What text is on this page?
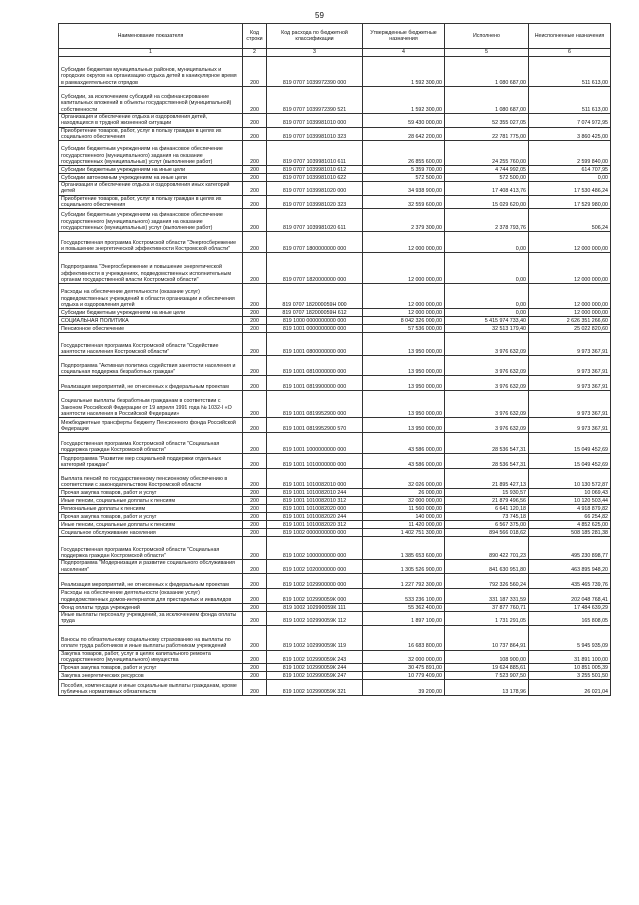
59
Наименование показателя	Код строки	Код расхода по бюджетной классификации	Утвержденные бюджетные назначения	Исполнено	Неисполненные назначения
1	2	3	4	5	6
Субсидии бюджетам муниципальных районов, муниципальных и городских округов на организацию отдыха детей в каникулярное время в рамкахдеятельности отрядов	200	819 0707 1039972390 000	1 592 300,00	1 080 687,00	511 613,00
Субсидии, за исключением субсидий на софинансирование капитальных вложений в объекты государственной (муниципальной) собственности	200	819 0707 1039972390 521	1 592 300,00	1 080 687,00	511 613,00
Организация и обеспечение отдыха и оздоровления детей, находящихся в трудной жизненной ситуации	200	819 0707 1039981010 000	59 430 000,00	52 355 027,05	7 074 972,95
Приобретение товаров, работ, услуг в пользу граждан в целях их социального обеспечения	200	819 0707 1039981010 323	28 642 200,00	22 781 775,00	3 860 425,00
Субсидии бюджетным учреждениям на финансовое обеспечение государственного (муниципального) задания на оказание государственных (муниципальных) услуг (выполнение работ)	200	819 0707 1039981010 611	26 855 600,00	24 255 760,00	2 599 840,00
Субсидии бюджетным учреждениям на иные цели	200	819 0707 1039981010 612	5 359 700,00	4 744 992,05	614 707,95
Субсидии автономным учреждениям на иные цели	200	819 0707 1039981010 622	572 500,00	572 500,00	0,00
Организация и обеспечение отдыха и оздоровления иных категорий детей	200	819 0707 1039981020 000	34 938 900,00	17 408 413,76	17 530 486,24
Приобретение товаров, работ, услуг в пользу граждан в целях их социального обеспечения	200	819 0707 1039981020 323	32 559 600,00	15 029 620,00	17 529 980,00
Субсидии бюджетным учреждениям на финансовое обеспечение государственного (муниципального) задания на оказание государственных (муниципальных) услуг (выполнение работ)	200	819 0707 1039981020 611	2 379 300,00	2 378 793,76	506,24
Государственная программа Костромской области "Энергосбережение и повышение энергетической эффективности Костромской области"	200	819 0707 1800000000 000	12 000 000,00	0,00	12 000 000,00
Подпрограмма "Энергосбережение и повышение энергетической эффективности в учреждениях, подведомственных исполнительным органам государственной власти Костромской области"	200	819 0707 1820000000 000	12 000 000,00	0,00	12 000 000,00
Расходы на обеспечение деятельности (оказание услуг) подведомственных учреждений в области организации и обеспечения отдыха и оздоровления детей	200	819 0707 182000059Н 000	12 000 000,00	0,00	12 000 000,00
Субсидии бюджетным учреждениям на иные цели	200	819 0707 182000059Н 612	12 000 000,00	0,00	12 000 000,00
СОЦИАЛЬНАЯ ПОЛИТИКА	200	819 1000 0000000000 000	8 042 326 000,00	5 415 974 733,40	2 626 351 266,60
Пенсионное обеспечение	200	819 1001 0000000000 000	57 536 000,00	32 513 179,40	25 022 820,60
Государственная программа Костромской области "Содействие занятости населения Костромской области"	200	819 1001 0800000000 000	13 950 000,00	3 976 632,09	9 973 367,91
Подпрограмма "Активная политика содействия занятости населения и социальная поддержка безработных граждан"	200	819 1001 0810000000 000	13 950 000,00	3 976 632,09	9 973 367,91
Реализация мероприятий, не отнесенных к федеральным проектам	200	819 1001 0819900000 000	13 950 000,00	3 976 632,09	9 973 367,91
Социальные выплаты безработным гражданам в соответствии с Законом Российской Федерации от 19 апреля 1991 года № 1032-I «О занятости населения в Российской Федерации»	200	819 1001 0819952900 000	13 950 000,00	3 976 632,09	9 973 367,91
Межбюджетные трансферты бюджету Пенсионного фонда Российской Федерации	200	819 1001 0819952900 570	13 950 000,00	3 976 632,09	9 973 367,91
Государственная программа Костромской области "Социальная поддержка граждан Костромской области"	200	819 1001 1000000000 000	43 586 000,00	28 536 547,31	15 049 452,69
Подпрограмма "Развитие мер социальной поддержки отдельных категорий граждан"	200	819 1001 1010000000 000	43 586 000,00	28 536 547,31	15 049 452,69
Выплата пенсий по государственному пенсионному обеспечению в соответствии с законодательством Костромской области	200	819 1001 1010082010 000	32 026 000,00	21 895 427,13	10 130 572,87
Прочая закупка товаров, работ и услуг	200	819 1001 1010082010 244	26 000,00	15 930,57	10 069,43
Иные пенсии, социальные доплаты к пенсиям	200	819 1001 1010082010 312	32 000 000,00	21 879 496,56	10 120 503,44
Региональные доплаты к пенсиям	200	819 1001 1010082020 000	11 560 000,00	6 641 120,18	4 918 879,82
Прочая закупка товаров, работ и услуг	200	819 1001 1010082020 244	140 000,00	73 745,18	66 254,82
Иные пенсии, социальные доплаты к пенсиям	200	819 1001 1010082020 312	11 420 000,00	6 567 375,00	4 852 625,00
Социальное обслуживание населения	200	819 1002 0000000000 000	1 402 751 300,00	894 566 018,62	508 185 281,38
Государственная программа Костромской области "Социальная поддержка граждан Костромской области"	200	819 1002 1000000000 000	1 385 653 600,00	890 422 701,23	495 230 898,77
Подпрограмма "Модернизация и развитие социального обслуживания населения"	200	819 1002 1020000000 000	1 305 526 900,00	841 630 951,80	463 895 948,20
Реализация мероприятий, не отнесенных к федеральным проектам	200	819 1002 1029900000 000	1 227 792 300,00	792 326 560,24	435 465 739,76
Расходы на обеспечение деятельности (оказание услуг) подведомственных домов-интернатов для престарелых и инвалидов	200	819 1002 102990059К 000	533 236 100,00	331 187 331,59	202 048 768,41
Фонд оплаты труда учреждений	200	819 1002 102990059К 111	55 362 400,00	37 877 760,71	17 484 639,29
Иные выплаты персоналу учреждений, за исключением фонда оплаты труда	200	819 1002 102990059К 112	1 897 100,00	1 731 291,05	165 808,05
Взносы по обязательному социальному страхованию на выплаты по оплате труда работников и иные выплаты работникам учреждений	200	819 1002 102990059К 119	16 683 800,00	10 737 864,91	5 945 935,09
Закупка товаров, работ, услуг в целях капитального ремонта государственного (муниципального) имущества	200	819 1002 102990059К 243	32 000 000,00	108 900,00	31 891 100,00
Прочая закупка товаров, работ и услуг	200	819 1002 102990059К 244	30 475 891,00	19 624 885,61	10 851 005,39
Закупка энергетических ресурсов	200	819 1002 102990059К 247	10 779 409,00	7 523 907,50	3 255 501,50
Пособия, компенсации и иные социальные выплаты гражданам, кроме публичных нормативных обязательств	200	819 1002 102990059К 321	39 200,00	13 178,96	26 021,04
